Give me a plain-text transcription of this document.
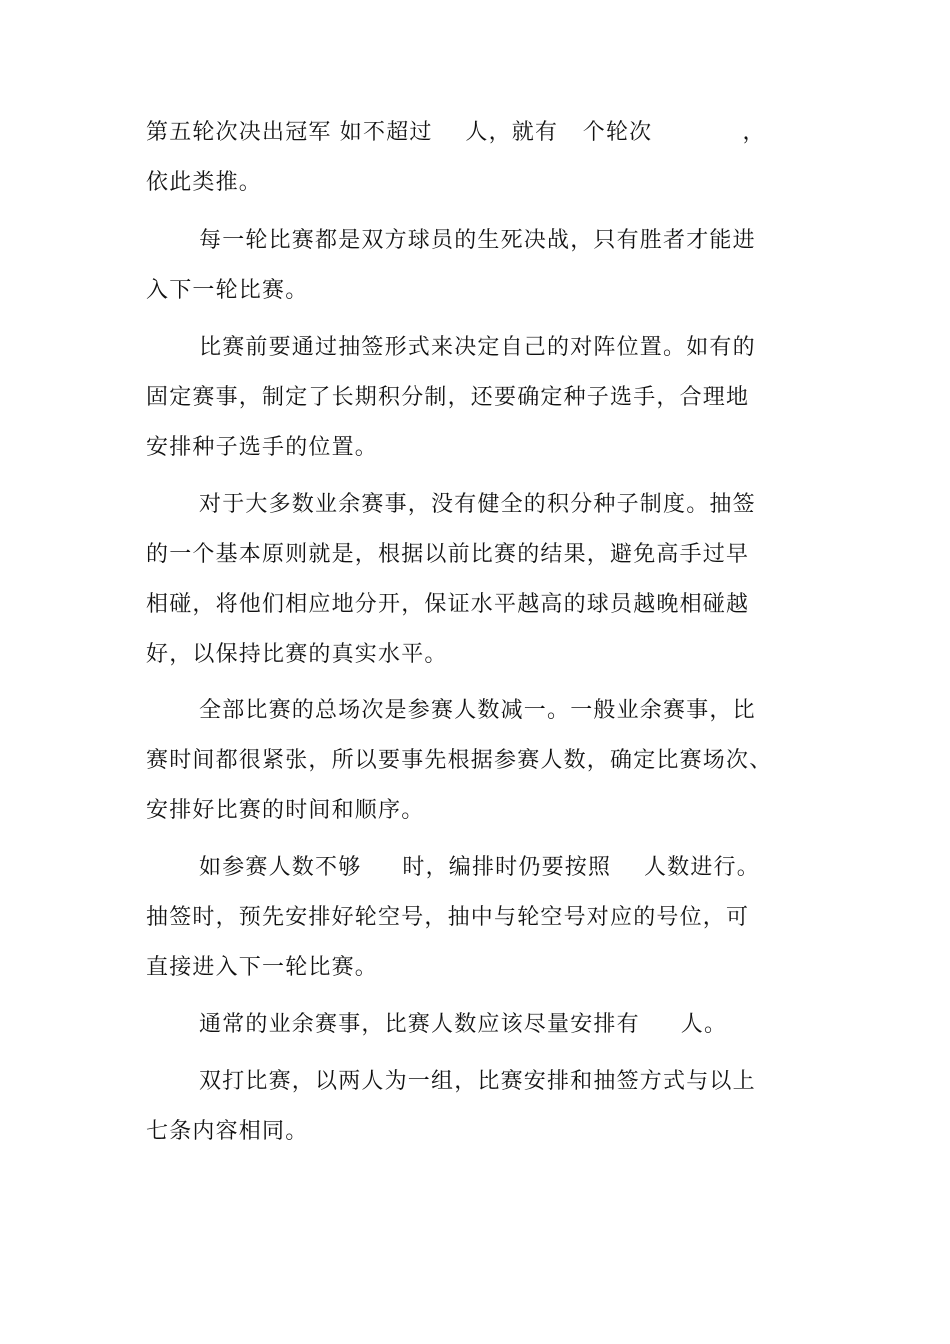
第五轮次决出冠军 如不超过    人，就有   个轮次           ，
依此类推。
每一轮比赛都是双方球员的生死决战，只有胜者才能进
入下一轮比赛。
比赛前要通过抽签形式来决定自己的对阵位置。如有的
固定赛事，制定了长期积分制，还要确定种子选手，合理地
安排种子选手的位置。
对于大多数业余赛事，没有健全的积分种子制度。抽签
的一个基本原则就是，根据以前比赛的结果，避免高手过早
相碰，将他们相应地分开，保证水平越高的球员越晚相碰越
好，以保持比赛的真实水平。
全部比赛的总场次是参赛人数减一。一般业余赛事，比
赛时间都很紧张，所以要事先根据参赛人数，确定比赛场次、
安排好比赛的时间和顺序。
如参赛人数不够     时，编排时仍要按照    人数进行。
抽签时，预先安排好轮空号，抽中与轮空号对应的号位，可
直接进入下一轮比赛。
通常的业余赛事，比赛人数应该尽量安排有     人。
双打比赛，以两人为一组，比赛安排和抽签方式与以上
七条内容相同。
